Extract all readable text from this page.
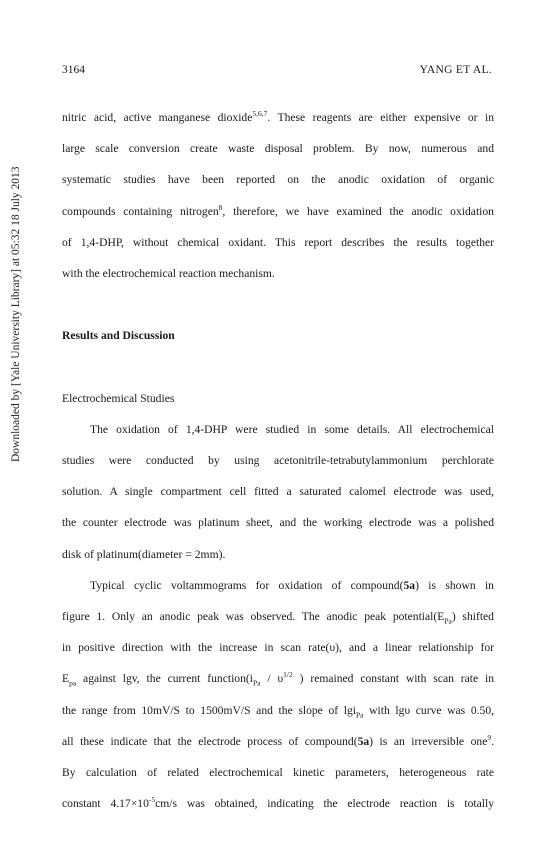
3164	YANG ET AL.
Downloaded by [Yale University Library] at 05:32 18 July 2013
nitric acid, active manganese dioxide$^{5,6,7}$. These reagents are either expensive or in
large scale conversion create waste disposal problem. By now, numerous and
systematic studies have been reported on the anodic oxidation of organic
compounds containing nitrogen$^8$, therefore, we have examined the anodic oxidation
of 1,4-DHP, without chemical oxidant. This report describes the results together
with the electrochemical reaction mechanism.
Results and Discussion
Electrochemical Studies
The oxidation of 1,4-DHP were studied in some details. All electrochemical
studies were conducted by using acetonitrile-tetrabutylammonium perchlorate
solution. A single compartment cell fitted a saturated calomel electrode was used,
the counter electrode was platinum sheet, and the working electrode was a polished
disk of platinum(diameter = 2mm).
Typical cyclic voltammograms for oxidation of compound(5a) is shown in
figure 1. Only an anodic peak was observed. The anodic peak $potential(E_{Pa})$ shifted
in positive direction with the increase in scan rate(υ), and a linear relationship for
$E_{pa}$ against lgv, the current $function(i_{Pa} / \upsilon^{1/2}$ ) remained constant with scan rate in
the range from 10mV/S to 1500mV/S and the slope of lgi$_{Pa}$ with lgυ curve was 0.50,
all these indicate that the electrode process of compound(5a) is an irreversible one$^9$.
By calculation of related electrochemical kinetic parameters, heterogeneous rate
constant $4.17\times 10^{-5}cm/s$ was obtained, indicating the electrode reaction is totally
